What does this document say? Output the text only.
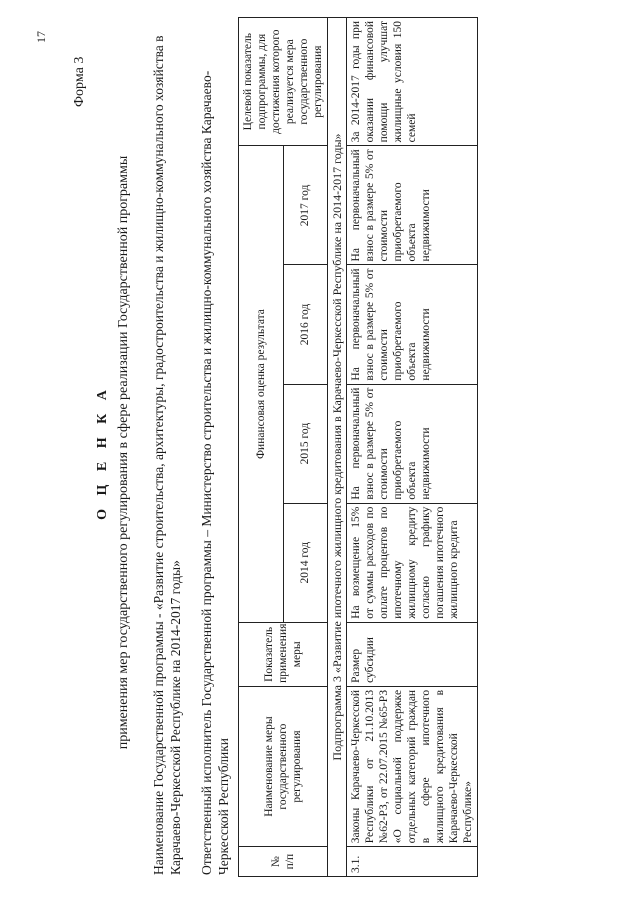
17
Форма 3
О Ц Е Н К А применения мер государственного регулирования в сфере реализации Государственной программы Наименование Государственной программы - «Развитие строительства, архитектуры, градостроительства и жилищно-коммунального хозяйства в Карачаево-Черкесской Республике на 2014-2017 годы» Ответственный исполнитель Государственной программы – Министерство строительства и жилищно-коммунального хозяйства Карачаево-Черкесской Республики	№ п/п	Наименование меры государственного регулирования	Показатель применения меры	Финансовая оценка результата				Целевой показатель подпрограммы, для достижения которого реализуется мера государственного регулирования
			2014 год	2015 год	2016 год	2017 год	
Подпрограмма 3 «Развитие ипотечного жилищного кредитования в Карачаево-Черкесской Республике на 2014-2017 годы»							
3.1.	Законы Карачаево-Черкесской Республики от 21.10.2013 №62-РЗ, от 22.07.2015 №65-РЗ «О социальной поддержке отдельных категорий граждан в сфере ипотечного жилищного кредитования в Карачаево-Черкесской Республике»	Размер субсидии	На возмещение 15% от суммы расходов по оплате процентов по ипотечному жилищному кредиту согласно графику погашения ипотечного жилищного кредита	На первоначальный взнос в размере 5% от стоимости приобретаемого объекта недвижимости	На первоначальный взнос в размере 5% от стоимости приобретаемого объекта недвижимости	На первоначальный взнос в размере 5% от стоимости приобретаемого объекта недвижимости	За 2014-2017 годы при оказании финансовой помощи улучшат жилищные условия 150 семей
